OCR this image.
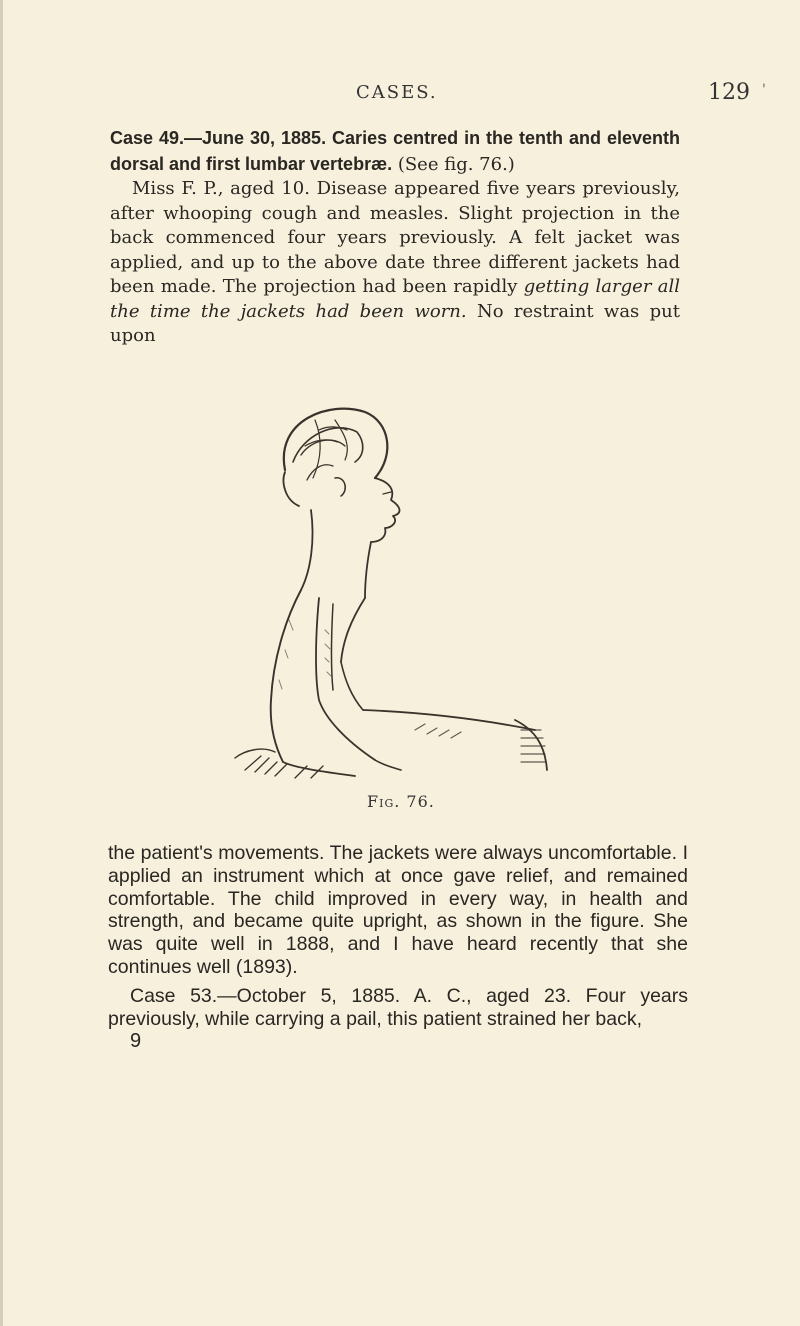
CASES.	129 '

Case 49.—June 30, 1885. Caries centred in the tenth and eleventh dorsal and first lumbar vertebræ. (See fig. 76.)

Miss F. P., aged 10. Disease appeared five years previously, after whooping cough and measles. Slight projection in the back commenced four years previously. A felt jacket was applied, and up to the above date three different jackets had been made. The projection had been rapidly getting larger all the time the jackets had been worn. No restraint was put upon

Fig. 76.

the patient's movements. The jackets were always uncomfortable. I applied an instrument which at once gave relief, and remained comfortable. The child improved in every way, in health and strength, and became quite upright, as shown in the figure. She was quite well in 1888, and I have heard recently that she continues well (1893).

Case 53.—October 5, 1885. A. C., aged 23. Four years previously, while carrying a pail, this patient strained her back,

9
